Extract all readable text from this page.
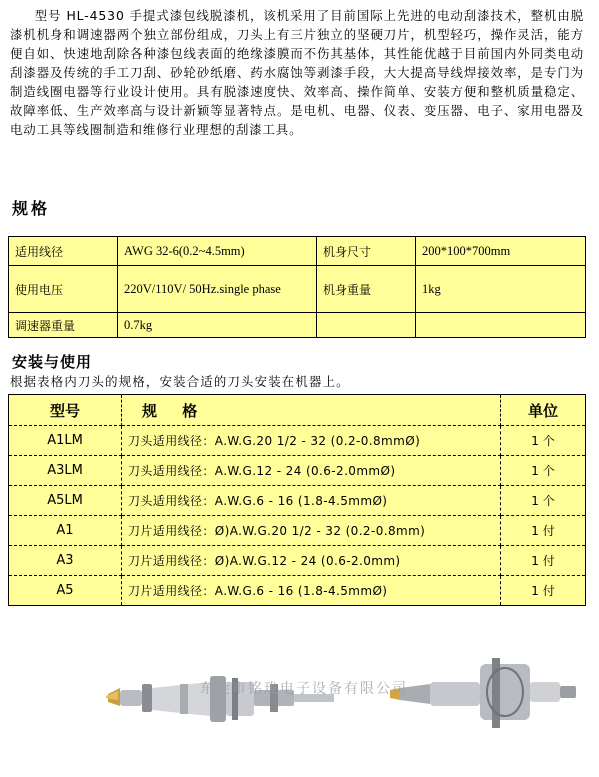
型号 HL-4530 手提式漆包线脱漆机，该机采用了目前国际上先进的电动刮漆技术，整机由脱漆机机身和调速器两个独立部份组成，刀头上有三片独立的坚硬刀片，机型轻巧，操作灵活，能方便自如、快速地刮除各种漆包线表面的绝缘漆膜而不伤其基体，其性能优越于目前国内外同类电动刮漆器及传统的手工刀刮、砂轮砂纸磨、药水腐蚀等剥漆手段，大大提高导线焊接效率，是专门为制造线圈电器等行业设计使用。具有脱漆速度快、效率高、操作简单、安装方便和整机质量稳定、故障率低、生产效率高与设计新颖等显著特点。是电机、电器、仪表、变压器、电子、家用电器及电动工具等线圈制造和维修行业理想的刮漆工具。

​
规格
适用线径	AWG 32-6(0.2~4.5mm)	机身尺寸	200*100*700mm
使用电压	220V/110V/ 50Hz.single phase	机身重量	1kg
调速器重量	0.7kg		
安装与使用

根据表格内刀头的规格，安装合适的刀头安装在机器上。

型号	规 格	单位
A1LM	刀头适用线径：A.W.G.20 1/2 - 32 (0.2-0.8mmØ)	1 个
A3LM	刀头适用线径：A.W.G.12 - 24 (0.6-2.0mmØ)	1 个
A5LM	刀头适用线径：A.W.G.6 - 16 (1.8-4.5mmØ)	1 个
A1	刀片适用线径：Ø)A.W.G.20 1/2 - 32 (0.2-0.8mm)	1 付
A3	刀片适用线径：Ø)A.W.G.12 - 24 (0.6-2.0mm)	1 付
A5	刀片适用线径：A.W.G.6 - 16 (1.8-4.5mmØ)	1 付
东莞市铭珑电子设备有限公司
